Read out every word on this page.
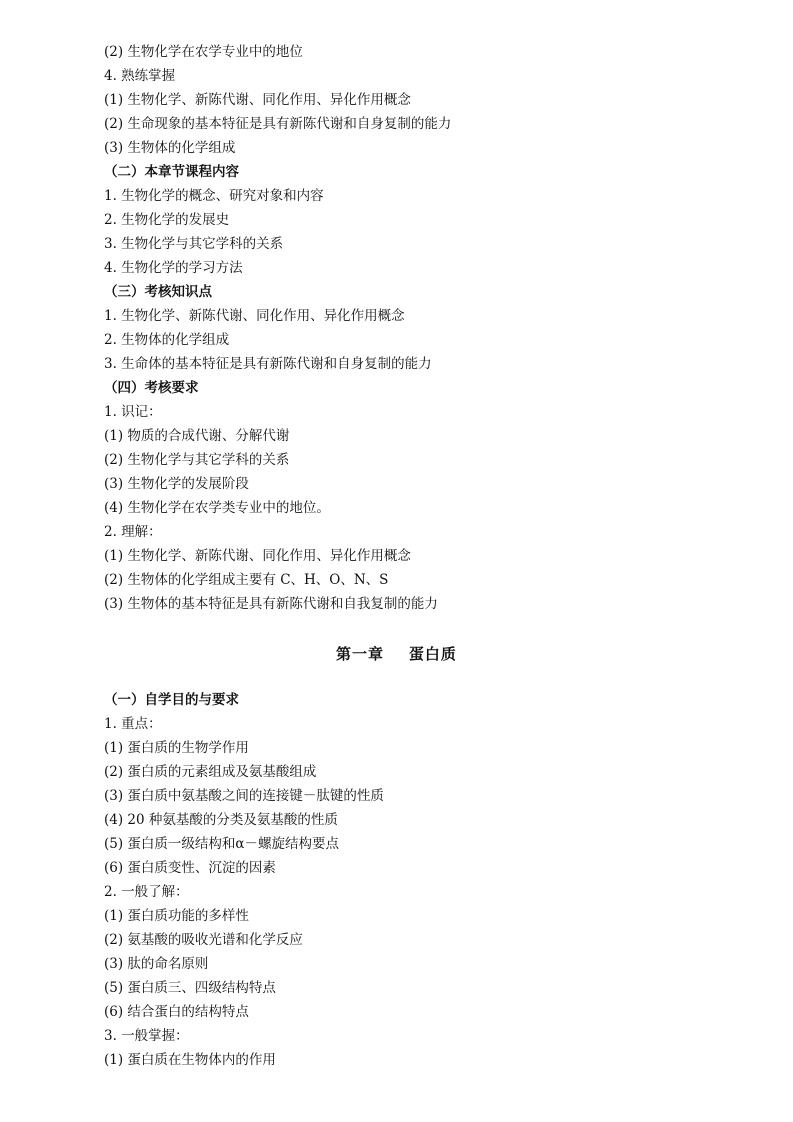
(2) 生物化学在农学专业中的地位
4. 熟练掌握
(1) 生物化学、新陈代谢、同化作用、异化作用概念
(2) 生命现象的基本特征是具有新陈代谢和自身复制的能力
(3) 生物体的化学组成
（二）本章节课程内容
1. 生物化学的概念、研究对象和内容
2. 生物化学的发展史
3. 生物化学与其它学科的关系
4. 生物化学的学习方法
（三）考核知识点
1. 生物化学、新陈代谢、同化作用、异化作用概念
2. 生物体的化学组成
3. 生命体的基本特征是具有新陈代谢和自身复制的能力
（四）考核要求
1. 识记：
(1) 物质的合成代谢、分解代谢
(2) 生物化学与其它学科的关系
(3) 生物化学的发展阶段
(4) 生物化学在农学类专业中的地位。
2. 理解：
(1) 生物化学、新陈代谢、同化作用、异化作用概念
(2) 生物体的化学组成主要有 C、H、O、N、S
(3) 生物体的基本特征是具有新陈代谢和自我复制的能力
第一章    蛋白质
（一）自学目的与要求
1. 重点：
(1) 蛋白质的生物学作用
(2) 蛋白质的元素组成及氨基酸组成
(3) 蛋白质中氨基酸之间的连接键－肽键的性质
(4) 20 种氨基酸的分类及氨基酸的性质
(5) 蛋白质一级结构和α－螺旋结构要点
(6) 蛋白质变性、沉淀的因素
2. 一般了解：
(1) 蛋白质功能的多样性
(2) 氨基酸的吸收光谱和化学反应
(3) 肽的命名原则
(5) 蛋白质三、四级结构特点
(6) 结合蛋白的结构特点
3. 一般掌握：
(1) 蛋白质在生物体内的作用
